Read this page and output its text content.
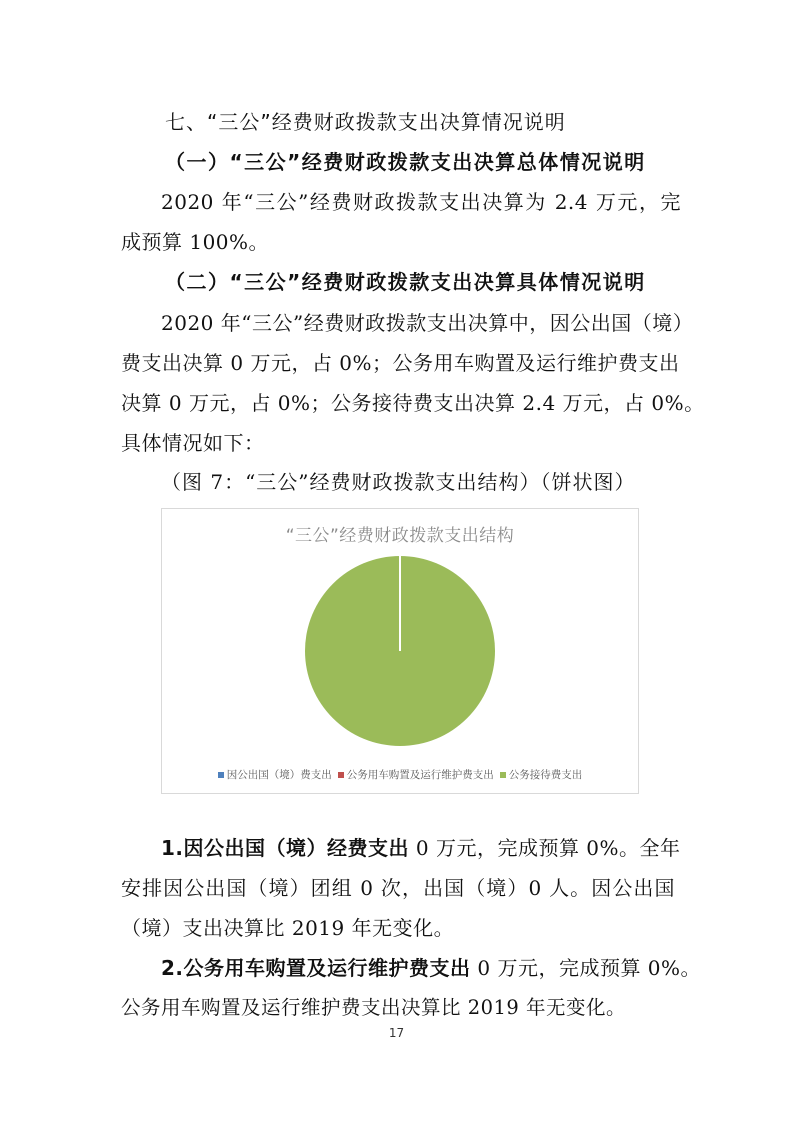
七、“三公”经费财政拨款支出决算情况说明
（一）“三公”经费财政拨款支出决算总体情况说明
2020 年“三公”经费财政拨款支出决算为 2.4 万元，完
成预算 100%。
（二）“三公”经费财政拨款支出决算具体情况说明
2020 年“三公”经费财政拨款支出决算中，因公出国（境）
费支出决算 0 万元，占 0%；公务用车购置及运行维护费支出
决算 0 万元，占 0%；公务接待费支出决算 2.4 万元，占 0%。
具体情况如下：
（图 7：“三公”经费财政拨款支出结构）（饼状图）
“三公”经费财政拨款支出结构
因公出国（境）费支出 公务用车购置及运行维护费支出 公务接待费支出
1.因公出国（境）经费支出 0 万元，完成预算 0%。全年
安排因公出国（境）团组 0 次，出国（境）0 人。因公出国
（境）支出决算比 2019 年无变化。
2.公务用车购置及运行维护费支出 0 万元，完成预算 0%。
公务用车购置及运行维护费支出决算比 2019 年无变化。
17
